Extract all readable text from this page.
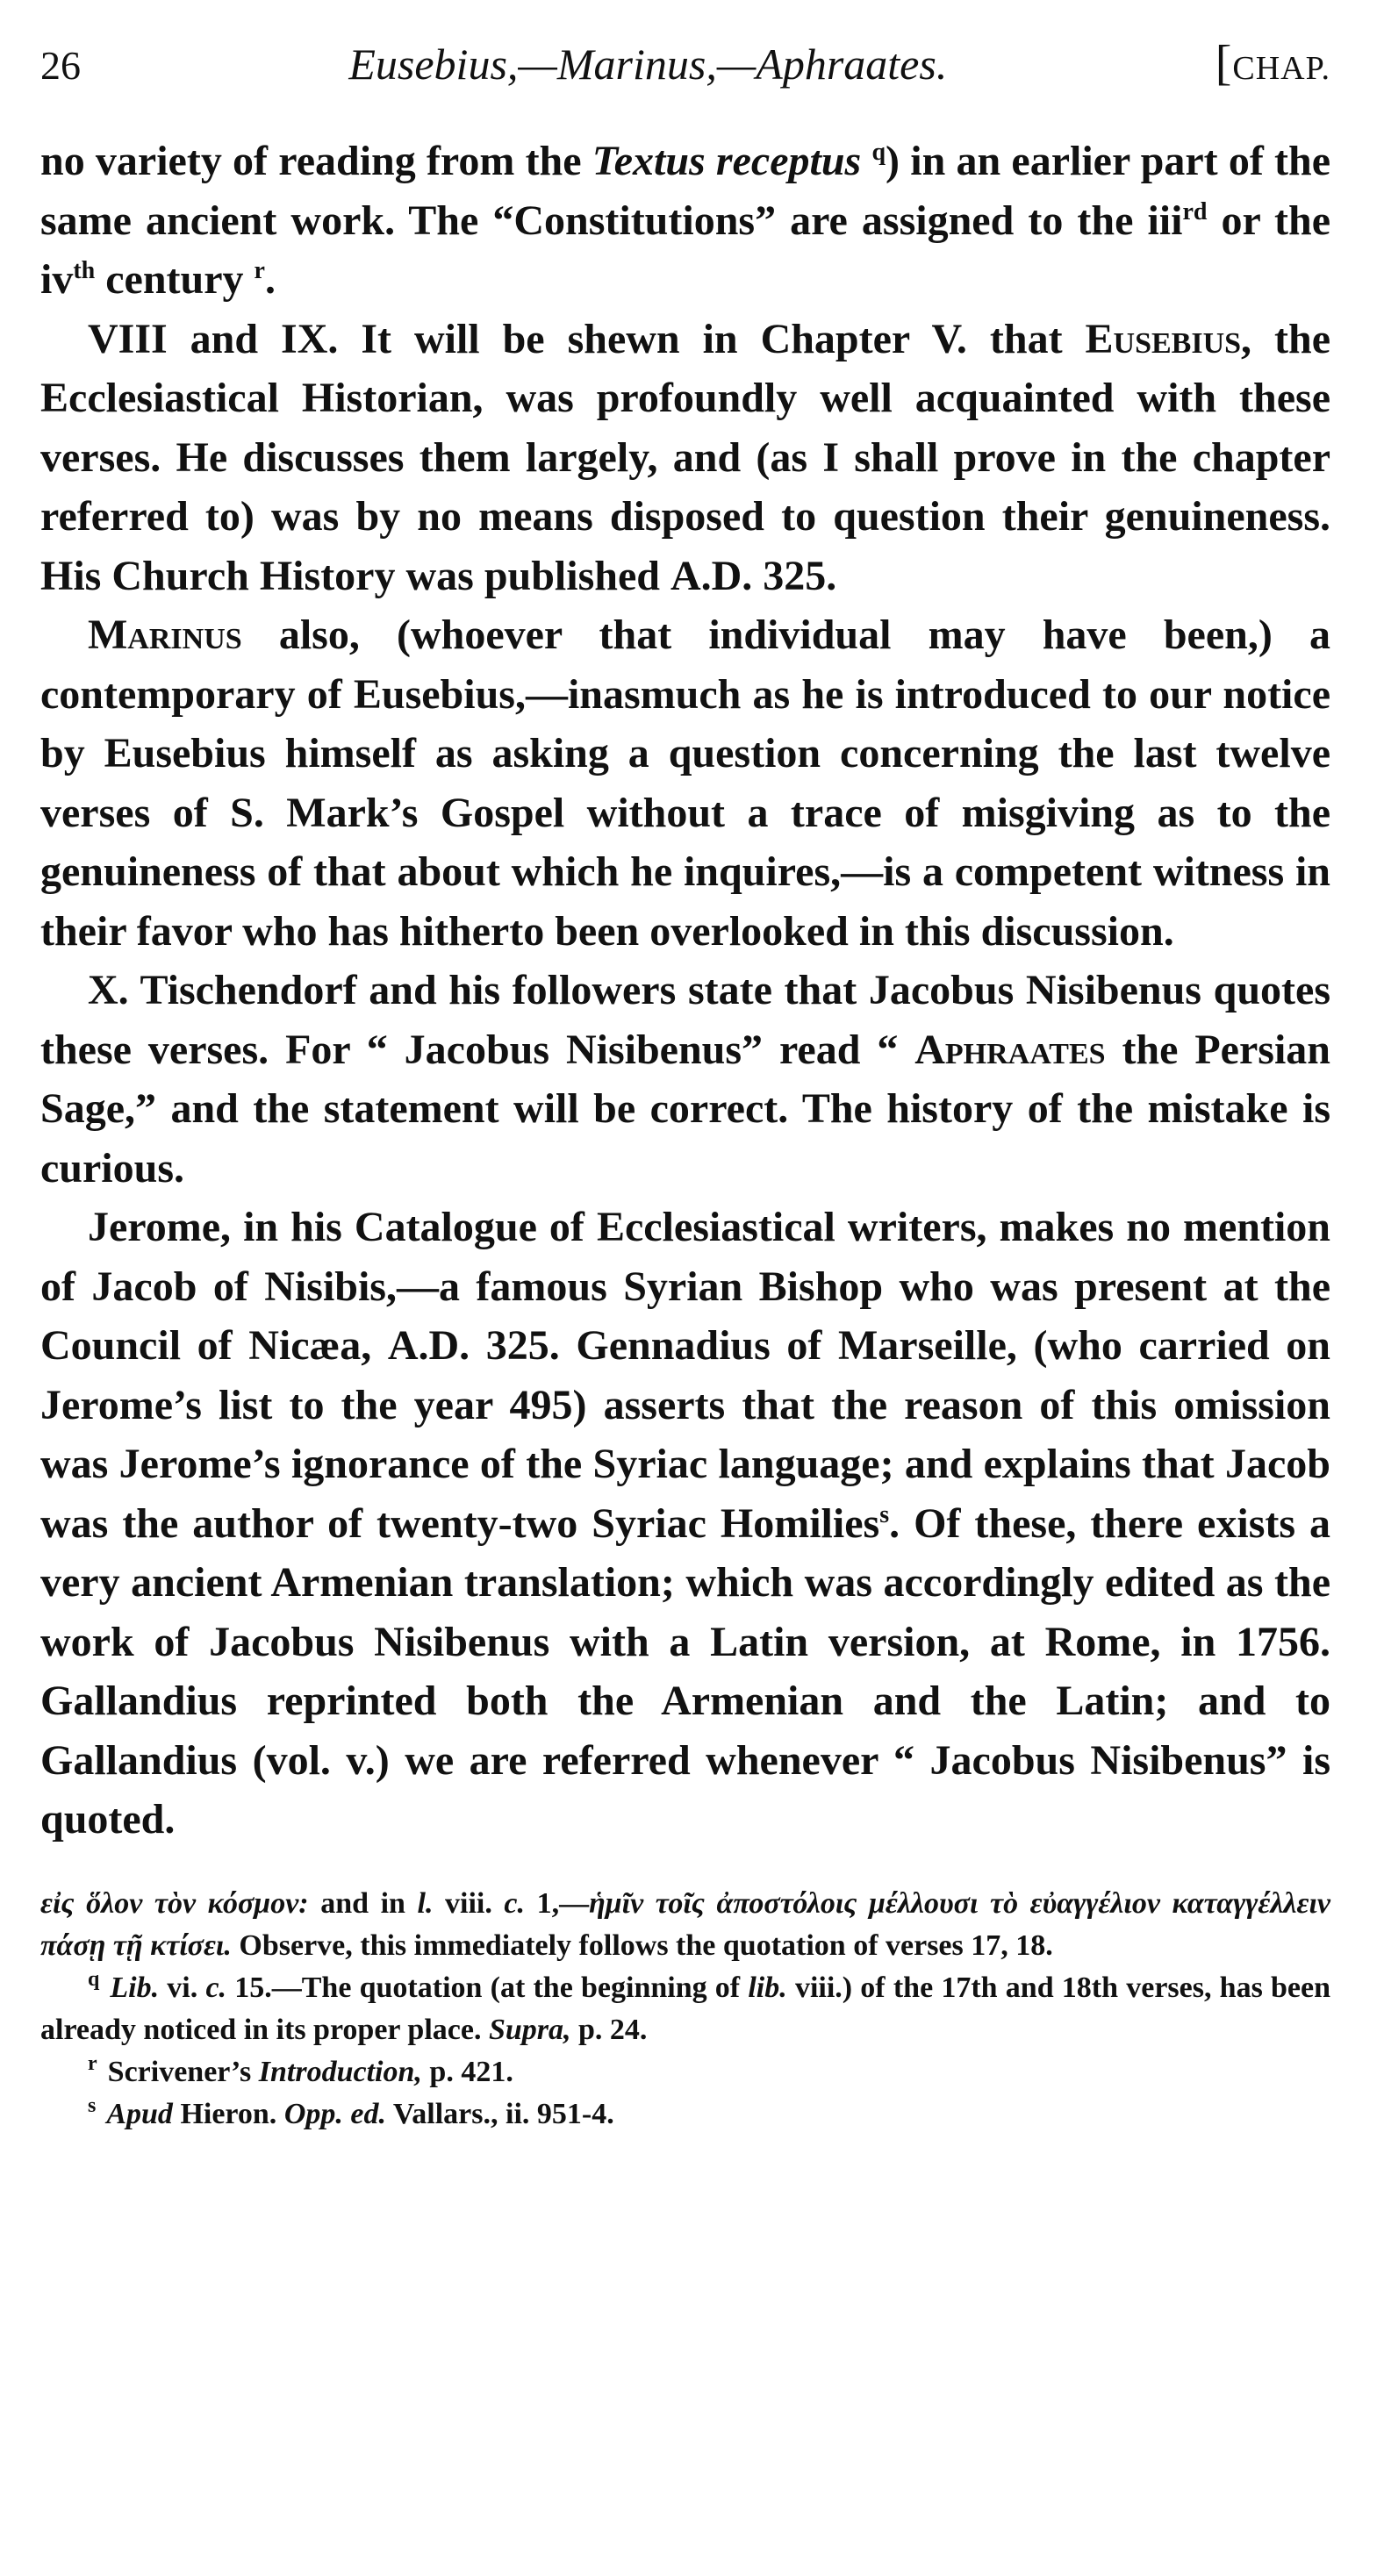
26	Eusebius,—Marinus,—Aphraates.	[CHAP.

no variety of reading from the Textus receptus $^q$) in an earlier part of the same ancient work. The “Constitutions” are assigned to the iii$^{rd}$ or the $iv^{th}$ century $^r$.

VIII and IX. It will be shewn in Chapter V. that Eusebius, the Ecclesiastical Historian, was profoundly well acquainted with these verses. He discusses them largely, and (as I shall prove in the chapter referred to) was by no means disposed to question their genuineness. His Church History was published A.D. 325.

Marinus also, (whoever that individual may have been,) a contemporary of Eusebius,—inasmuch as he is introduced to our notice by Eusebius himself as asking a question concerning the last twelve verses of S. Mark’s Gospel without a trace of misgiving as to the genuineness of that about which he inquires,—is a competent witness in their favor who has hitherto been overlooked in this discussion.

X. Tischendorf and his followers state that Jacobus Nisibenus quotes these verses. For “ Jacobus Nisibenus” read “ Aphraates the Persian Sage,” and the statement will be correct. The history of the mistake is curious.

Jerome, in his Catalogue of Ecclesiastical writers, makes no mention of Jacob of Nisibis,—a famous Syrian Bishop who was present at the Council of Nicæa, A.D. 325. Gennadius of Marseille, (who carried on Jerome’s list to the year 495) asserts that the reason of this omission was Jerome’s ignorance of the Syriac language; and explains that Jacob was the author of twenty-two Syriac Homilies$^s$. Of these, there exists a very ancient Armenian translation; which was accordingly edited as the work of Jacobus Nisibenus with a Latin version, at Rome, in 1756. Gallandius reprinted both the Armenian and the Latin; and to Gallandius (vol. v.) we are referred whenever “ Jacobus Nisibenus” is quoted.

εἰς ὅλον τὸν κόσμον: and in l. viii. c. 1,—ἡμῖν τοῖς ἀποστόλοις μέλλουσι τὸ εὐαγγέλιον καταγγέλλειν πάσῃ τῇ κτίσει. Observe, this immediately follows the quotation of verses 17, 18.

$^q$ Lib. vi. c. 15.—The quotation (at the beginning of lib. viii.) of the 17th and 18th verses, has been already noticed in its proper place. Supra, p. 24.

$^r$ Scrivener’s Introduction, p. 421.

$^s$ Apud Hieron. Opp. ed. Vallars., ii. 951-4.
